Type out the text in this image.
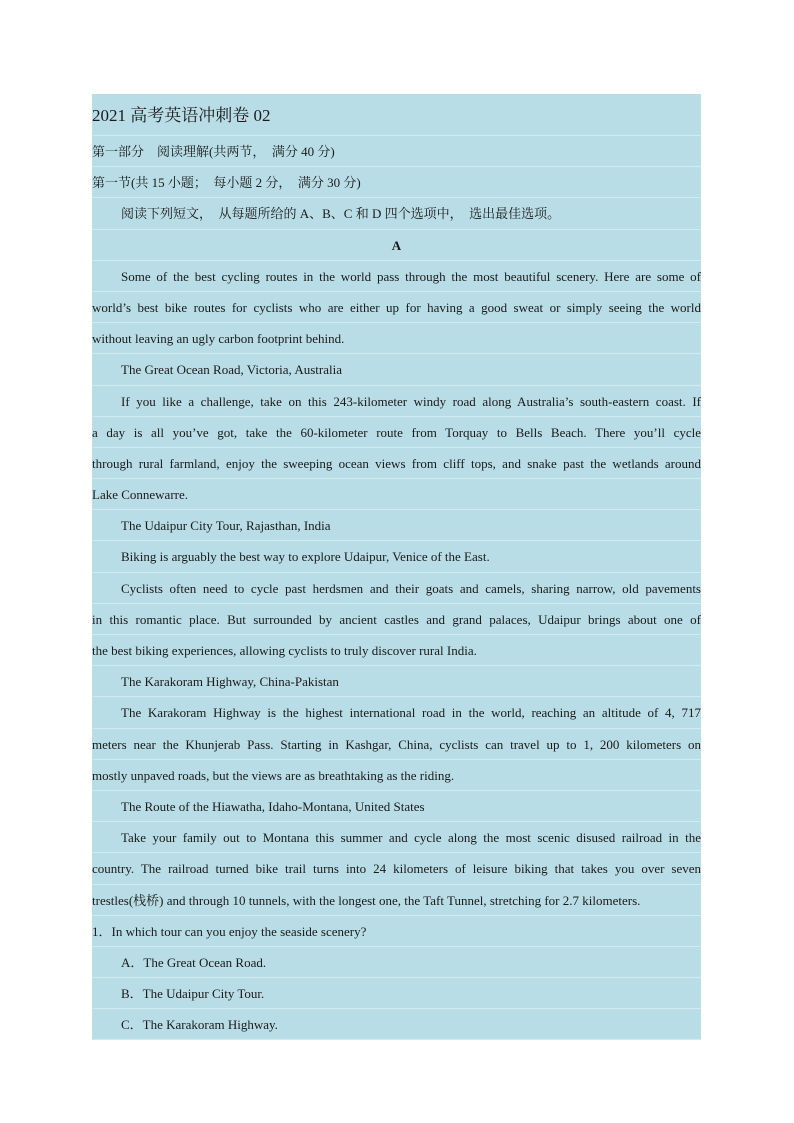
2021 高考英语冲刺卷 02
第一部分　阅读理解(共两节，　满分 40 分)
第一节(共 15 小题；　每小题 2 分，　满分 30 分)
阅读下列短文，　从每题所给的 A、B、C 和 D 四个选项中，　选出最佳选项。
A
Some of the best cycling routes in the world pass through the most beautiful scenery. Here are some of
world’s best bike routes for cyclists who are either up for having a good sweat or simply seeing the world
without leaving an ugly carbon footprint behind.
The Great Ocean Road, Victoria, Australia
If you like a challenge, take on this 243-kilometer windy road along Australia’s south-eastern coast. If
a day is all you’ve got, take the 60-kilometer route from Torquay to Bells Beach. There you’ll cycle
through rural farmland, enjoy the sweeping ocean views from cliff tops, and snake past the wetlands around
Lake Connewarre.
The Udaipur City Tour, Rajasthan, India
Biking is arguably the best way to explore Udaipur, Venice of the East.
Cyclists often need to cycle past herdsmen and their goats and camels, sharing narrow, old pavements
in this romantic place. But surrounded by ancient castles and grand palaces, Udaipur brings about one of
the best biking experiences, allowing cyclists to truly discover rural India.
The Karakoram Highway, China-Pakistan
The Karakoram Highway is the highest international road in the world, reaching an altitude of 4, 717
meters near the Khunjerab Pass. Starting in Kashgar, China, cyclists can travel up to 1, 200 kilometers on
mostly unpaved roads, but the views are as breathtaking as the riding.
The Route of the Hiawatha, Idaho-Montana, United States
Take your family out to Montana this summer and cycle along the most scenic disused railroad in the
country. The railroad turned bike trail turns into 24 kilometers of leisure biking that takes you over seven
trestles(栈桥) and through 10 tunnels, with the longest one, the Taft Tunnel, stretching for 2.7 kilometers.
1．In which tour can you enjoy the seaside scenery?
A．The Great Ocean Road.
B．The Udaipur City Tour.
C．The Karakoram Highway.
